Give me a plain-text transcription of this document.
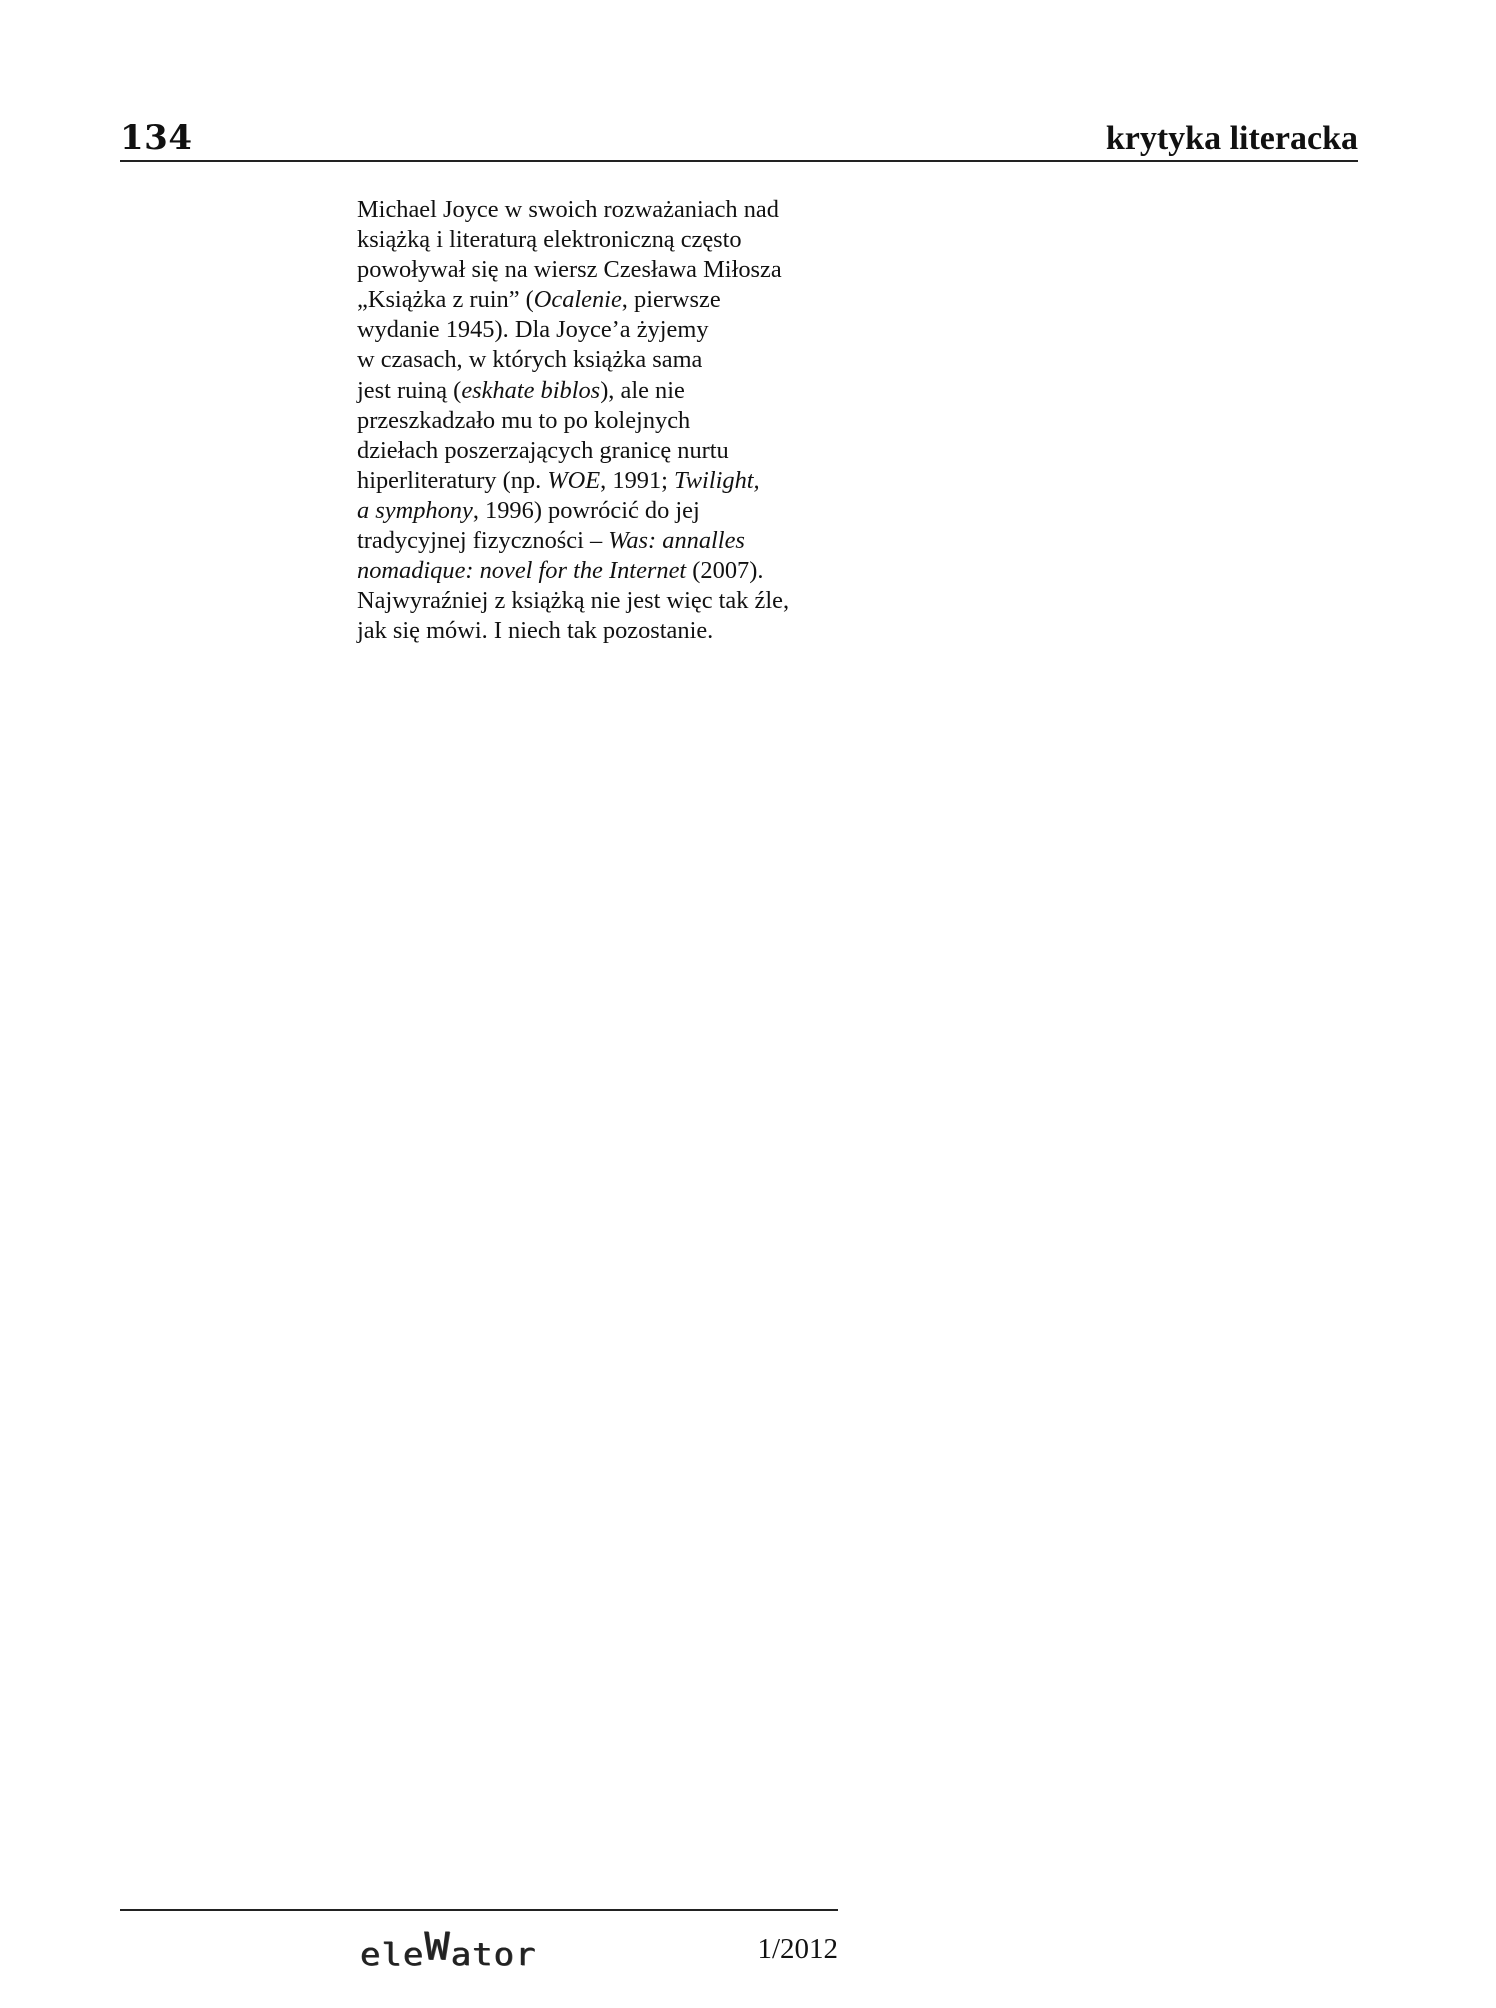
134	krytyka literacka
Michael Joyce w swoich rozważaniach nad
książką i literaturą elektroniczną często
powoływał się na wiersz Czesława Miłosza
„Książka z ruin” (Ocalenie, pierwsze
wydanie 1945). Dla Joyce’a żyjemy
w czasach, w których książka sama
jest ruiną (eskhate biblos), ale nie
przeszkadzało mu to po kolejnych
dziełach poszerzających granicę nurtu
hiperliteratury (np. WOE, 1991; Twilight,
a symphony, 1996) powrócić do jej
tradycyjnej fizyczności – Was: annalles
nomadique: novel for the Internet (2007).
Najwyraźniej z książką nie jest więc tak źle,
jak się mówi. I niech tak pozostanie.
eleWator	1/2012
